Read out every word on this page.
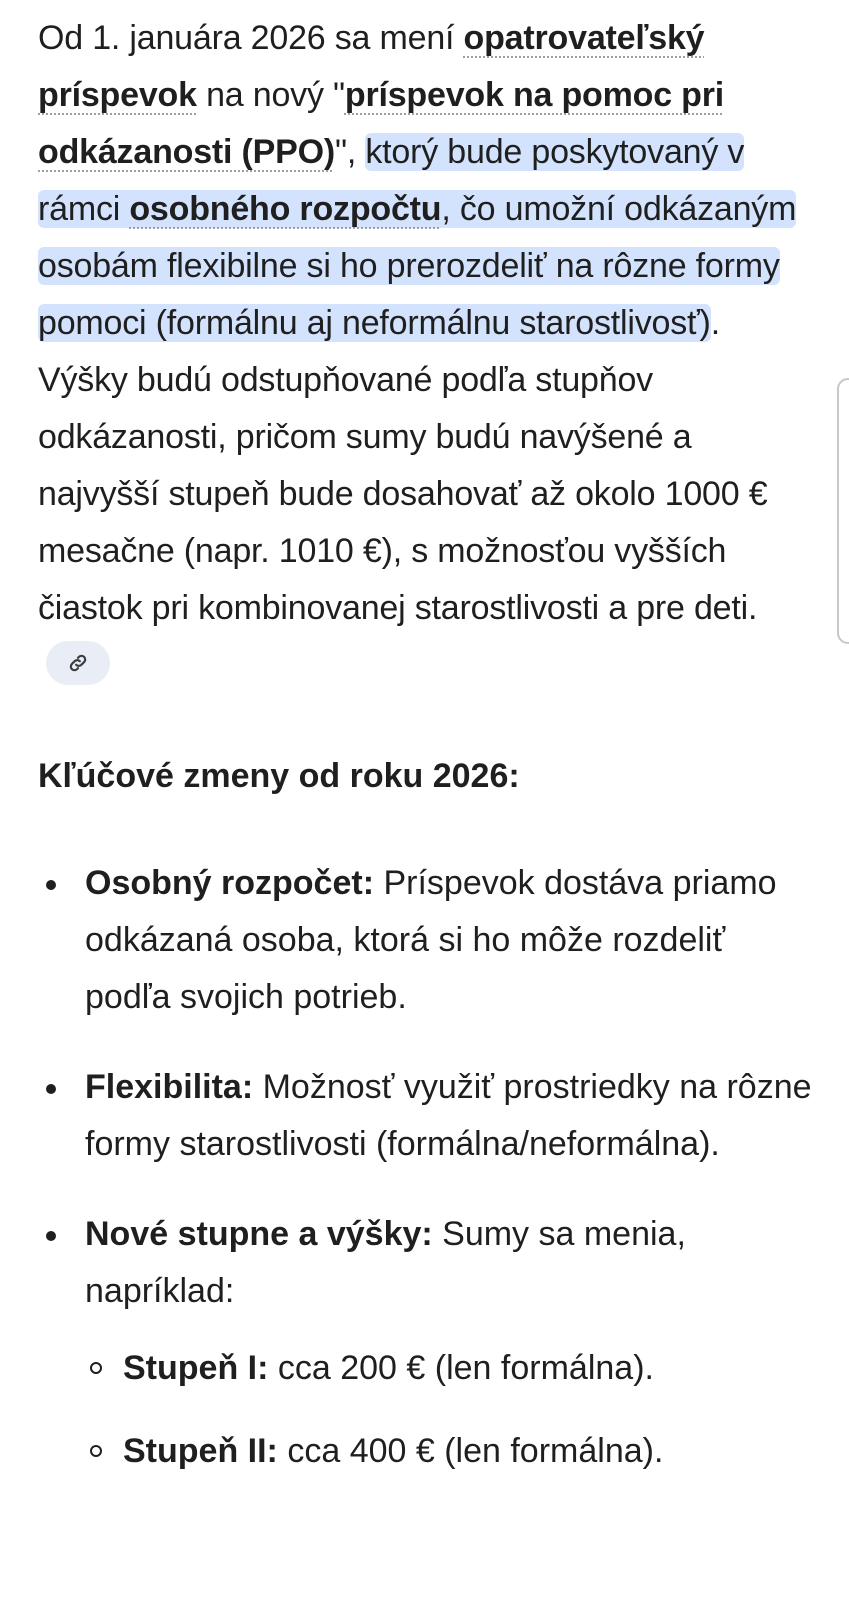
Od 1. januára 2026 sa mení opatrovateľský príspevok na nový "príspevok na pomoc pri odkázanosti (PPO)", ktorý bude poskytovaný v rámci osobného rozpočtu, čo umožní odkázaným osobám flexibilne si ho prerozdeliť na rôzne formy pomoci (formálnu aj neformálnu starostlivosť). Výšky budú odstupňované podľa stupňov odkázanosti, pričom sumy budú navýšené a najvyšší stupeň bude dosahovať až okolo 1000 € mesačne (napr. 1010 €), s možnosťou vyšších čiastok pri kombinovanej starostlivosti a pre deti.

Kľúčové zmeny od roku 2026:
Osobný rozpočet: Príspevok dostáva priamo odkázaná osoba, ktorá si ho môže rozdeliť podľa svojich potrieb.
Flexibilita: Možnosť využiť prostriedky na rôzne formy starostlivosti (formálna/neformálna).
Nové stupne a výšky: Sumy sa menia, napríklad:
Stupeň I: cca 200 € (len formálna).
Stupeň II: cca 400 € (len formálna).
